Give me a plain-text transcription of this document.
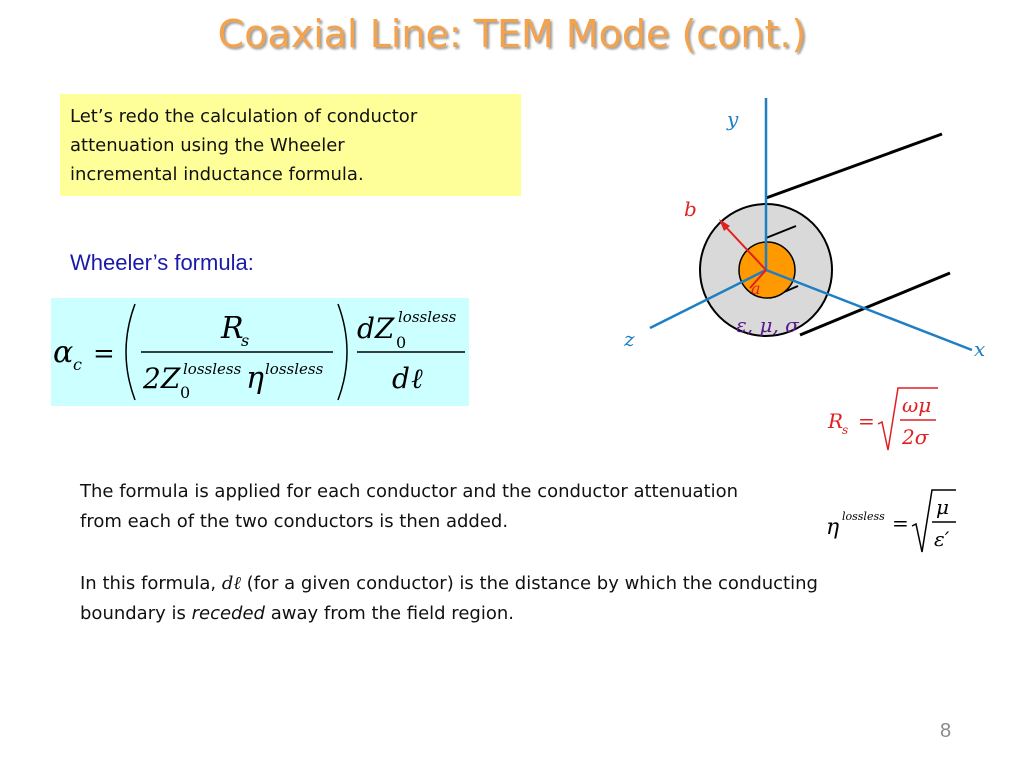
Coaxial Line: TEM Mode (cont.)
Let’s redo the calculation of conductor
attenuation using the Wheeler
incremental inductance formula.
Wheeler’s formula:
α c =
R
s
2Z 0
lossless η lossless
dZ 0
lossless
d ℓ
y
x
z
b
a
ε, μ, σ
R
s =
ωμ
2σ
η lossless =
μ
ε′
The formula is applied for each conductor and the conductor attenuation from each of the two conductors is then added.
In this formula, dℓ (for a given conductor) is the distance by which the conducting boundary is receded away from the field region.
8
